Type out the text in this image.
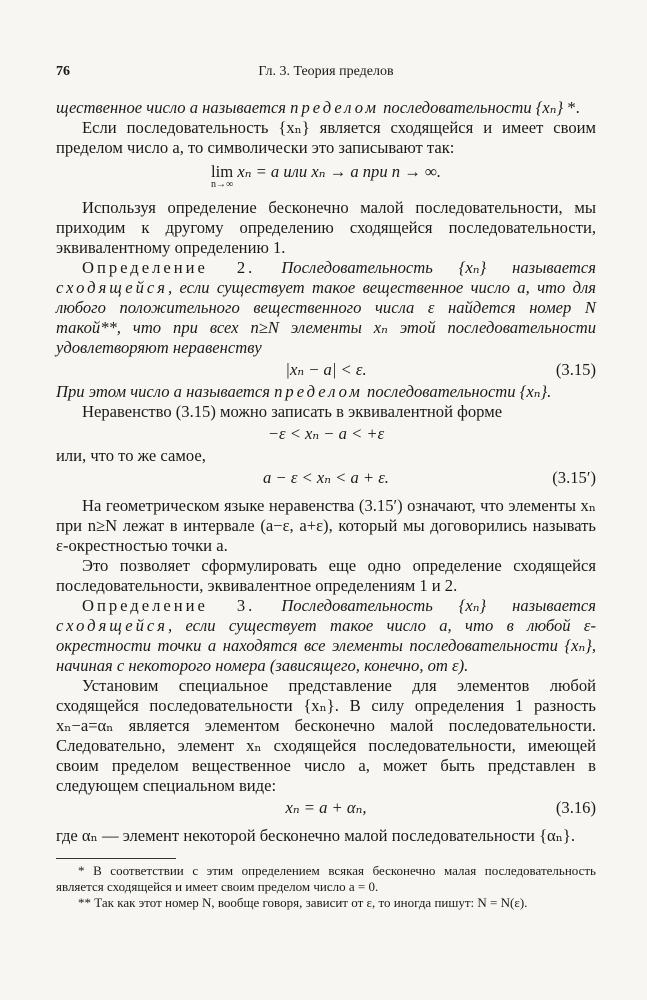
76	Гл. 3. Теория пределов

щественное число a называется пределом последовательности {xₙ} *.

Если последовательность {xₙ} является сходящейся и имеет своим пределом число a, то символически это записывают так:

lim
n→∞
xₙ = a или xₙ → a при n → ∞.

Используя определение бесконечно малой последовательности, мы приходим к другому определению сходящейся последовательности, эквивалентному определению 1.

Определение 2. Последовательность {xₙ} называется сходящейся, если существует такое вещественное число a, что для любого положительного вещественного числа ε найдется номер N такой**, что при всех n≥N элементы xₙ этой последовательности удовлетворяют неравенству

|xₙ − a| < ε.	(3.15)

При этом число a называется пределом последовательности {xₙ}.

Неравенство (3.15) можно записать в эквивалентной форме

−ε < xₙ − a < +ε

или, что то же самое,

a − ε < xₙ < a + ε.	(3.15′)

На геометрическом языке неравенства (3.15′) означают, что элементы xₙ при n≥N лежат в интервале (a−ε, a+ε), который мы договорились называть ε-окрестностью точки a.

Это позволяет сформулировать еще одно определение сходящейся последовательности, эквивалентное определениям 1 и 2.

Определение 3. Последовательность {xₙ} называется сходящейся, если существует такое число a, что в любой ε-окрестности точки a находятся все элементы последовательности {xₙ}, начиная с некоторого номера (зависящего, конечно, от ε).

Установим специальное представление для элементов любой сходящейся последовательности {xₙ}. В силу определения 1 разность xₙ−a=αₙ является элементом бесконечно малой последовательности. Следовательно, элемент xₙ сходящейся последовательности, имеющей своим пределом вещественное число a, может быть представлен в следующем специальном виде:

xₙ = a + αₙ,	(3.16)

где αₙ — элемент некоторой бесконечно малой последовательности {αₙ}.

* В соответствии с этим определением всякая бесконечно малая последовательность является сходящейся и имеет своим пределом число a = 0.

** Так как этот номер N, вообще говоря, зависит от ε, то иногда пишут: N = N(ε).
